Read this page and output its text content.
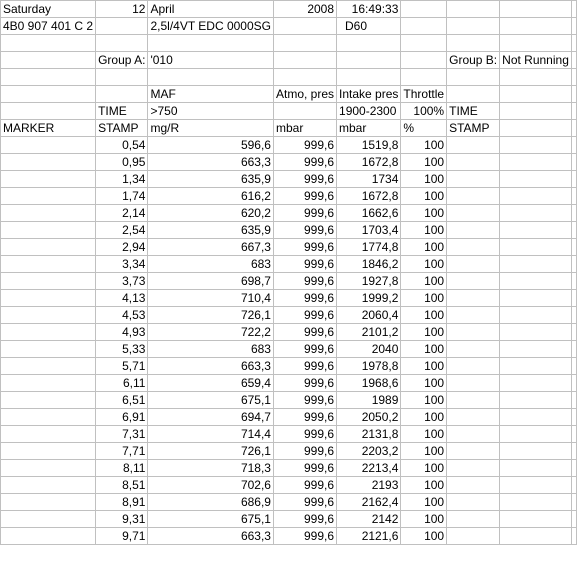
Saturday	12	April	2008	16:49:33				
4B0 907 401 C 2		2,5l/4VT EDC 0000SG		D60				

	Group A:	'010				Group B:	Not Running	

		MAF	Atmo, pres	Intake pres	Throttle			
	TIME	>750		1900-2300	100%	TIME		
MARKER	STAMP	mg/R	mbar	mbar	%	STAMP		
	0,54	596,6	999,6	1519,8	100			
	0,95	663,3	999,6	1672,8	100			
	1,34	635,9	999,6	1734	100			
	1,74	616,2	999,6	1672,8	100			
	2,14	620,2	999,6	1662,6	100			
	2,54	635,9	999,6	1703,4	100			
	2,94	667,3	999,6	1774,8	100			
	3,34	683	999,6	1846,2	100			
	3,73	698,7	999,6	1927,8	100			
	4,13	710,4	999,6	1999,2	100			
	4,53	726,1	999,6	2060,4	100			
	4,93	722,2	999,6	2101,2	100			
	5,33	683	999,6	2040	100			
	5,71	663,3	999,6	1978,8	100			
	6,11	659,4	999,6	1968,6	100			
	6,51	675,1	999,6	1989	100			
	6,91	694,7	999,6	2050,2	100			
	7,31	714,4	999,6	2131,8	100			
	7,71	726,1	999,6	2203,2	100			
	8,11	718,3	999,6	2213,4	100			
	8,51	702,6	999,6	2193	100			
	8,91	686,9	999,6	2162,4	100			
	9,31	675,1	999,6	2142	100			
	9,71	663,3	999,6	2121,6	100			
